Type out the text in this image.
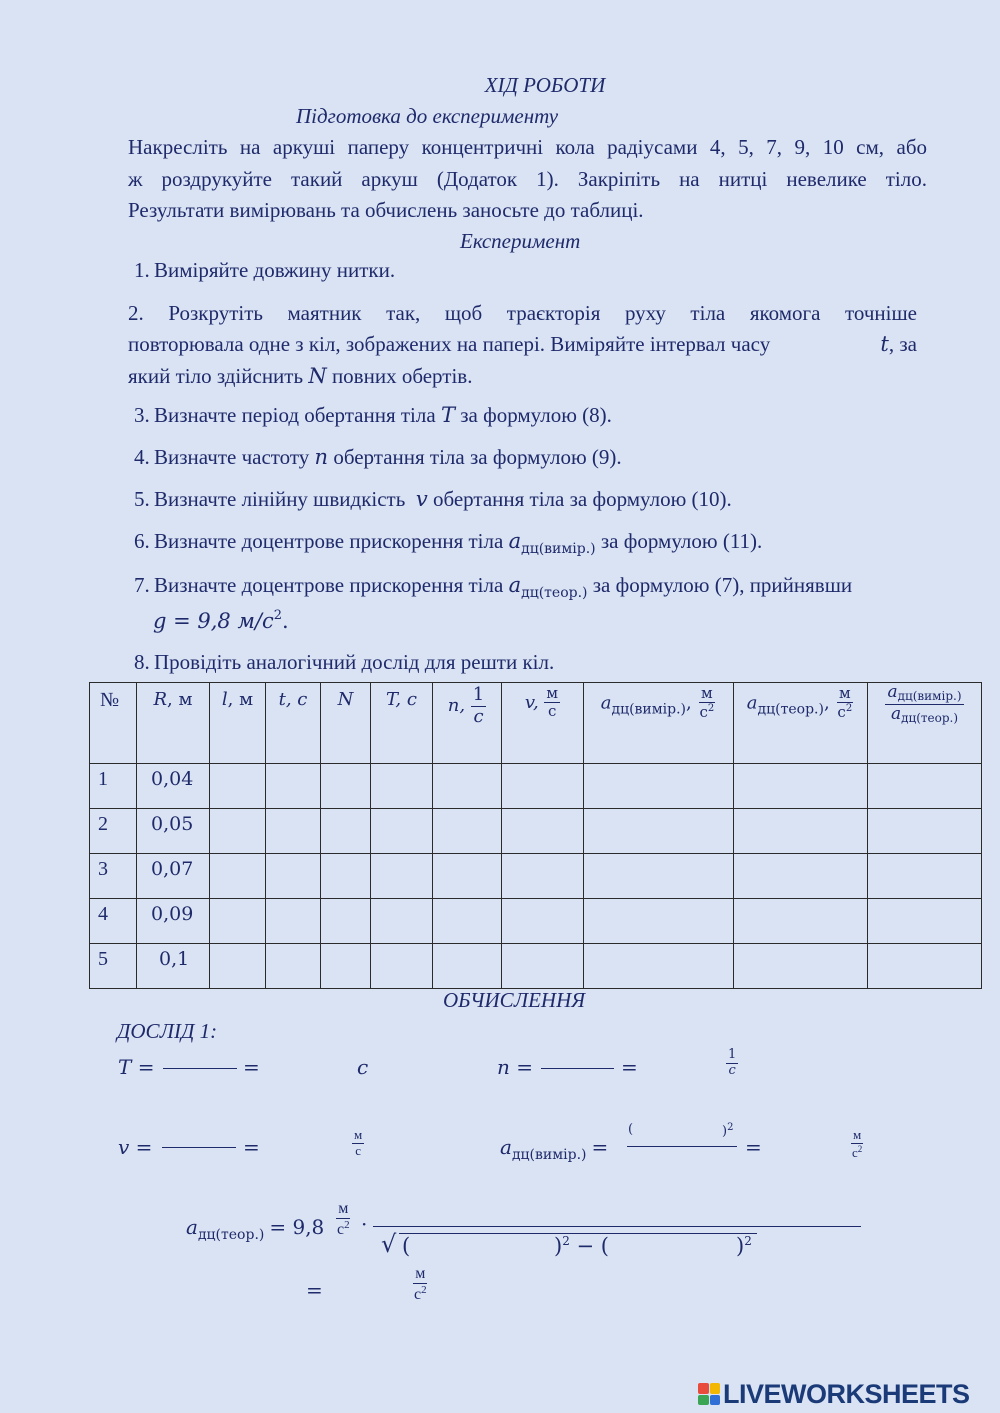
ХІД РОБОТИ
Підготовка до експерименту
Накресліть на аркуші паперу концентричні кола радіусами 4, 5, 7, 9, 10 см, або
ж роздрукуйте такий аркуш (Додаток 1). Закріпіть на нитці невелике тіло.
Результати вимірювань та обчислень заносьте до таблиці.
Експеримент
1. Виміряйте довжину нитки.
2. Розкрутіть маятник так, щоб траєкторія руху тіла якомога точніше
повторювала одне з кіл, зображених на папері. Виміряйте інтервал часу	t, за
який тіло здійснить N повних обертів.
3. Визначте період обертання тіла T за формулою (8).
4. Визначте частоту n обертання тіла за формулою (9).
5. Визначте лінійну швидкість v обертання тіла за формулою (10).
6. Визначте доцентрове прискорення тіла $a_{дц(вимір.)}$ за формулою (11).
7. Визначте доцентрове прискорення тіла $a_{дц(теор.)}$ за формулою (7), прийнявши
g = 9,8 $м/с^2$.
8. Провідіть аналогічний дослід для решти кіл.
№	R, м	l, м	t, c	N	T, c	n, $\frac{1}{c}$	v, $\frac{м}{с}$	$a_{дц(вимір.)}$, $\frac{м}{с^2}$	$a_{дц(теор.)}$, $\frac{м}{с^2}$	$\frac{a_{дц(вимір.)}}{a_{дц(теор.)}}$

1	0,04									

2	0,05									

3	0,07									

4	0,09									

5	0,1									

ОБЧИСЛЕННЯ
ДОСЛІД 1:
T =	=	c	n =	=	$\frac{1}{c}$
v =	=	$\frac{м}{с}$	$a_{дц(вимір.)}$ =
(	)$^2$
=	$\frac{м}{с^2}$
$a_{дц(теор.)} = 9,8 \frac{м}{с^2}$ ·
√ (	)$^2$ − (	)$^2$
=	$\frac{м}{с^2}$
LIVEWORKSHEETS
